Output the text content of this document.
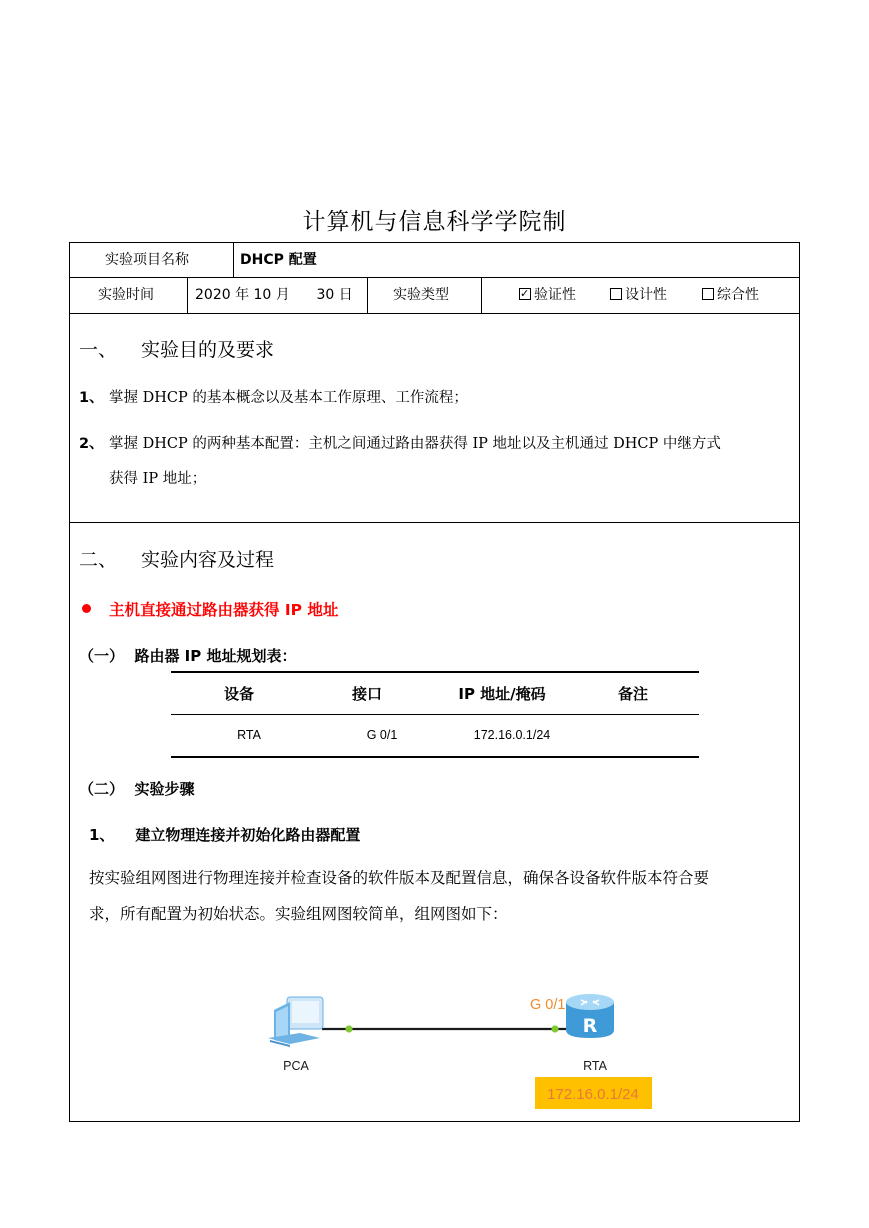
计算机与信息科学学院制
实验项目名称	DHCP 配置
实验时间	2020 年 10 月      30 日	实验类型
✓	验证性	设计性	综合性
一、 实验目的及要求
1、 掌握 DHCP 的基本概念以及基本工作原理、工作流程；
2、 掌握 DHCP 的两种基本配置：主机之间通过路由器获得 IP 地址以及主机通过 DHCP 中继方式
获得 IP 地址；
二、 实验内容及过程
主机直接通过路由器获得 IP 地址
（一）  路由器 IP 地址规划表：
设备	接口	IP 地址/掩码	备注
RTA	G 0/1	172.16.0.1/24
（二）  实验步骤
1、    建立物理连接并初始化路由器配置
按实验组网图进行物理连接并检查设备的软件版本及配置信息，确保各设备软件版本符合要
求，所有配置为初始状态。实验组网图较简单，组网图如下：
R
G 0/1
PCA	RTA
172.16.0.1/24
